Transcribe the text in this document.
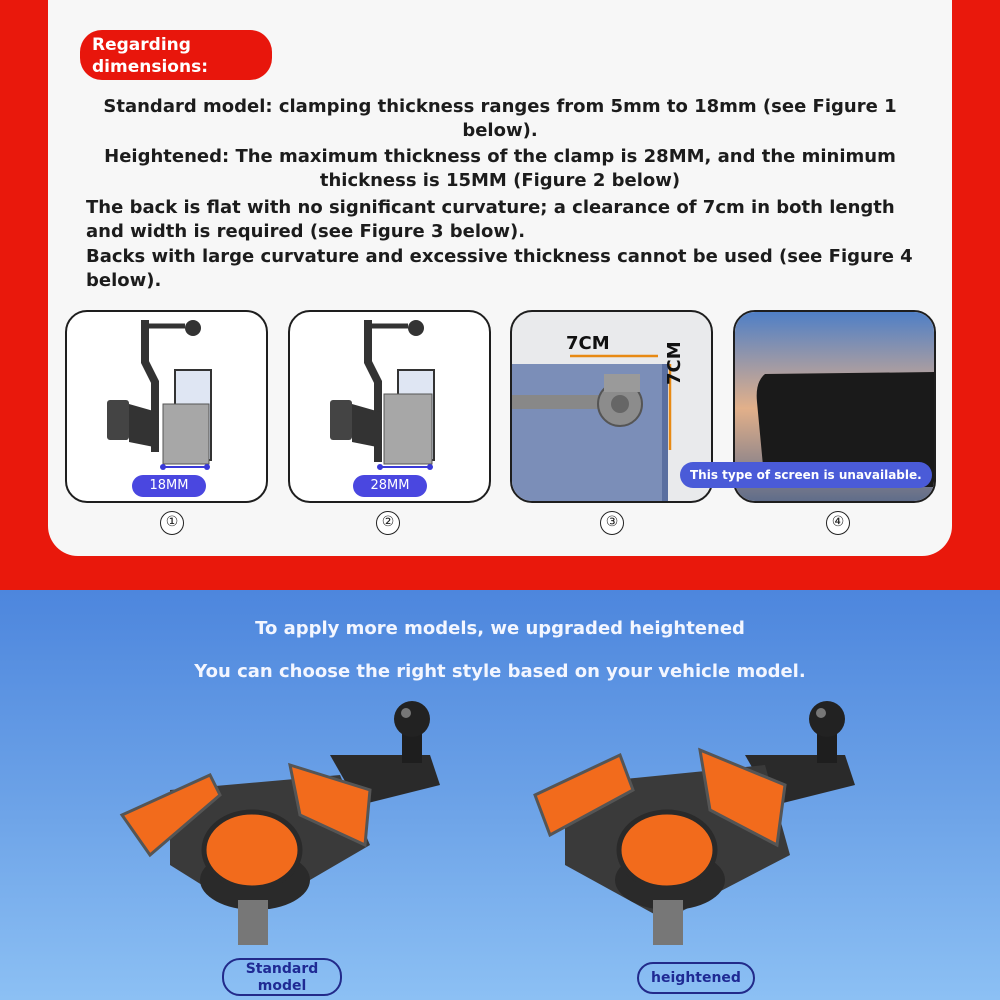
Regarding dimensions:
Standard model: clamping thickness ranges from 5mm to 18mm (see Figure 1 below).
Heightened: The maximum thickness of the clamp is 28MM, and the minimum thickness is 15MM (Figure 2 below)
The back is flat with no significant curvature; a clearance of 7cm in both length and width is required (see Figure 3 below).
Backs with large curvature and excessive thickness cannot be used (see Figure 4 below).
18MM	28MM
7CM	7CM
This type of screen is unavailable.
①	②	③	④
To apply more models, we upgraded heightened
You can choose the right style based on your vehicle model.
Standard model	heightened
